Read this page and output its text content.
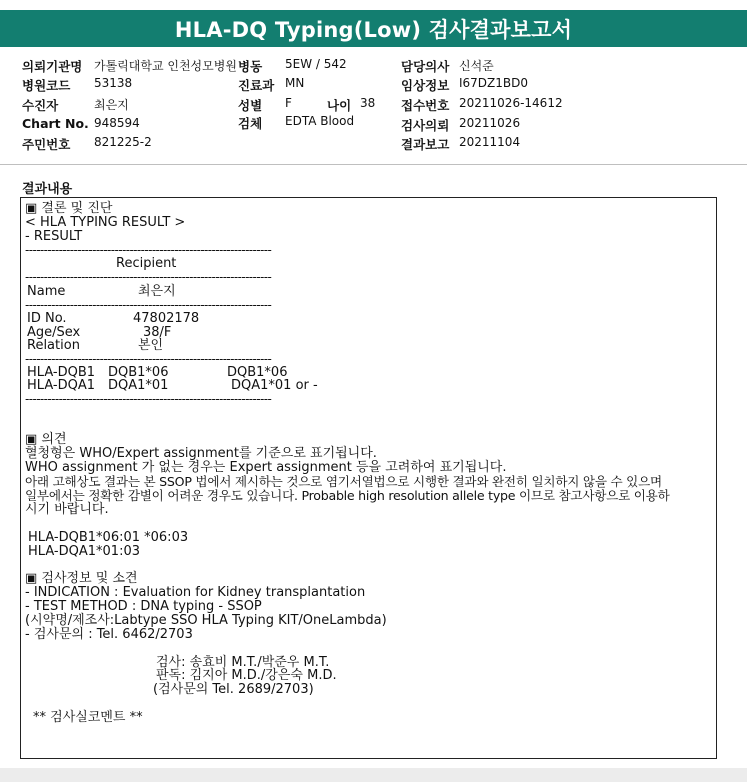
HLA-DQ Typing(Low) 검사결과보고서
의뢰기관명 가톨릭대학교 인천성모병원 병동 5EW / 542	담당의사 신석준
병원코드 53138	진료과 MN	임상정보 I67DZ1BD0
수진자	최은지	성별 F	나이 38 접수번호 20211026-14612
Chart No. 948594	검체 EDTA Blood	검사의뢰 20211026
주민번호 821225-2	결과보고 20211104
결과내용
▣ 결론 및 진단
< HLA TYPING RESULT >
- RESULT
------------------------------------------------------------------
Recipient
------------------------------------------------------------------
Name	최은지
------------------------------------------------------------------
ID No.	47802178
Age/Sex	38/F
Relation	본인
------------------------------------------------------------------
HLA-DQB1 DQB1*06	DQB1*06
HLA-DQA1 DQA1*01	DQA1*01 or -
------------------------------------------------------------------
▣ 의견
혈청형은 WHO/Expert assignment를 기준으로 표기됩니다.
WHO assignment 가 없는 경우는 Expert assignment 등을 고려하여 표기됩니다.
아래 고해상도 결과는 본 SSOP 법에서 제시하는 것으로 염기서열법으로 시행한 결과와 완전히 일치하지 않을 수 있으며
일부에서는 정확한 감별이 어려운 경우도 있습니다. Probable high resolution allele type 이므로 참고사항으로 이용하
시기 바랍니다.
HLA-DQB1*06:01 *06:03
HLA-DQA1*01:03
▣ 검사정보 및 소견
- INDICATION : Evaluation for Kidney transplantation
- TEST METHOD : DNA typing - SSOP
(시약명/제조사:Labtype SSO HLA Typing KIT/OneLambda)
- 검사문의 : Tel. 6462/2703
검사: 송효비 M.T./박준우 M.T.
판독: 김지아 M.D./강은숙 M.D.
(검사문의 Tel. 2689/2703)
** 검사실코멘트 **
